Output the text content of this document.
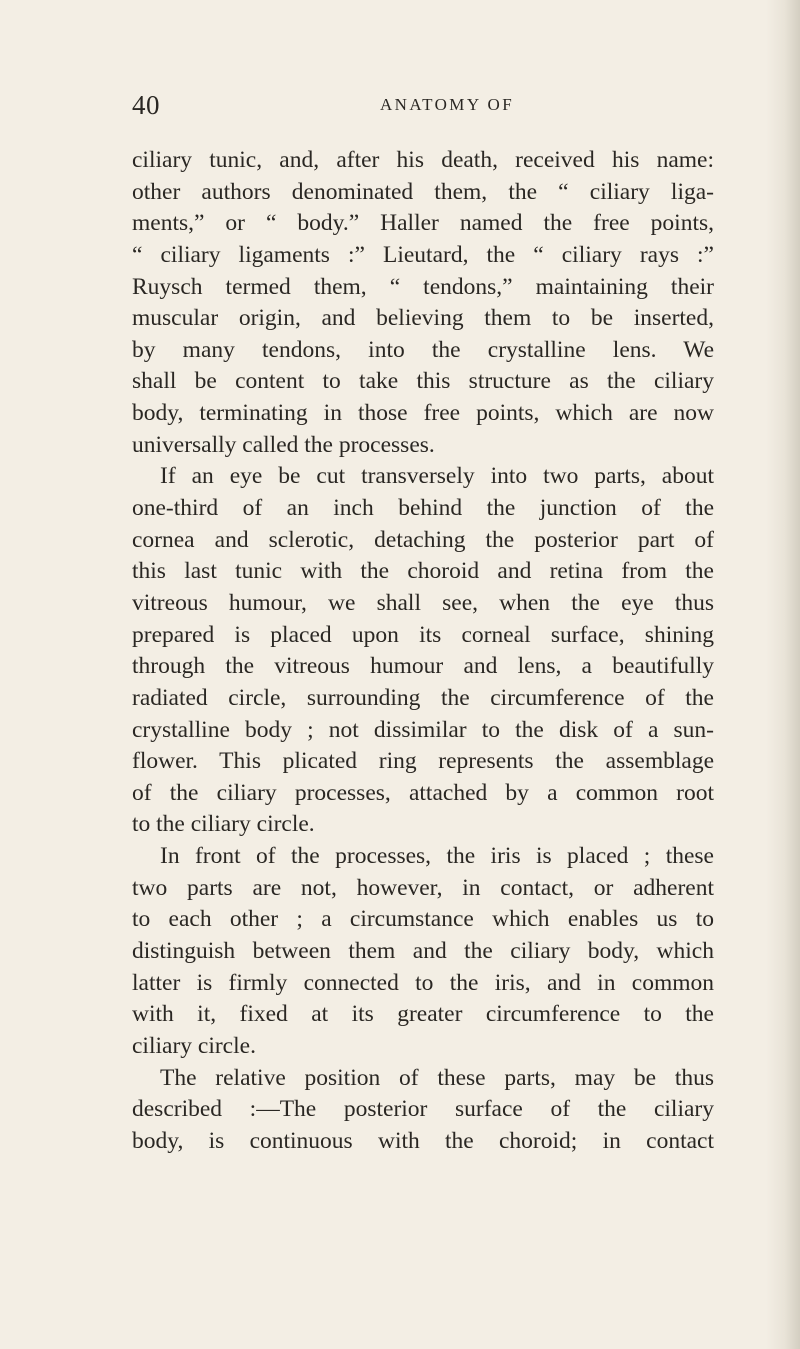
40	ANATOMY OF
ciliary tunic, and, after his death, received his name:
other authors denominated them, the “ ciliary liga-
ments,” or “ body.” Haller named the free points,
“ ciliary ligaments :” Lieutard, the “ ciliary rays :”
Ruysch termed them, “ tendons,” maintaining their
muscular origin, and believing them to be inserted,
by many tendons, into the crystalline lens. We
shall be content to take this structure as the ciliary
body, terminating in those free points, which are now
universally called the processes.
If an eye be cut transversely into two parts, about
one-third of an inch behind the junction of the
cornea and sclerotic, detaching the posterior part of
this last tunic with the choroid and retina from the
vitreous humour, we shall see, when the eye thus
prepared is placed upon its corneal surface, shining
through the vitreous humour and lens, a beautifully
radiated circle, surrounding the circumference of the
crystalline body ; not dissimilar to the disk of a sun-
flower. This plicated ring represents the assemblage
of the ciliary processes, attached by a common root
to the ciliary circle.
In front of the processes, the iris is placed ; these
two parts are not, however, in contact, or adherent
to each other ; a circumstance which enables us to
distinguish between them and the ciliary body, which
latter is firmly connected to the iris, and in common
with it, fixed at its greater circumference to the
ciliary circle.
The relative position of these parts, may be thus
described :—The posterior surface of the ciliary
body, is continuous with the choroid; in contact
